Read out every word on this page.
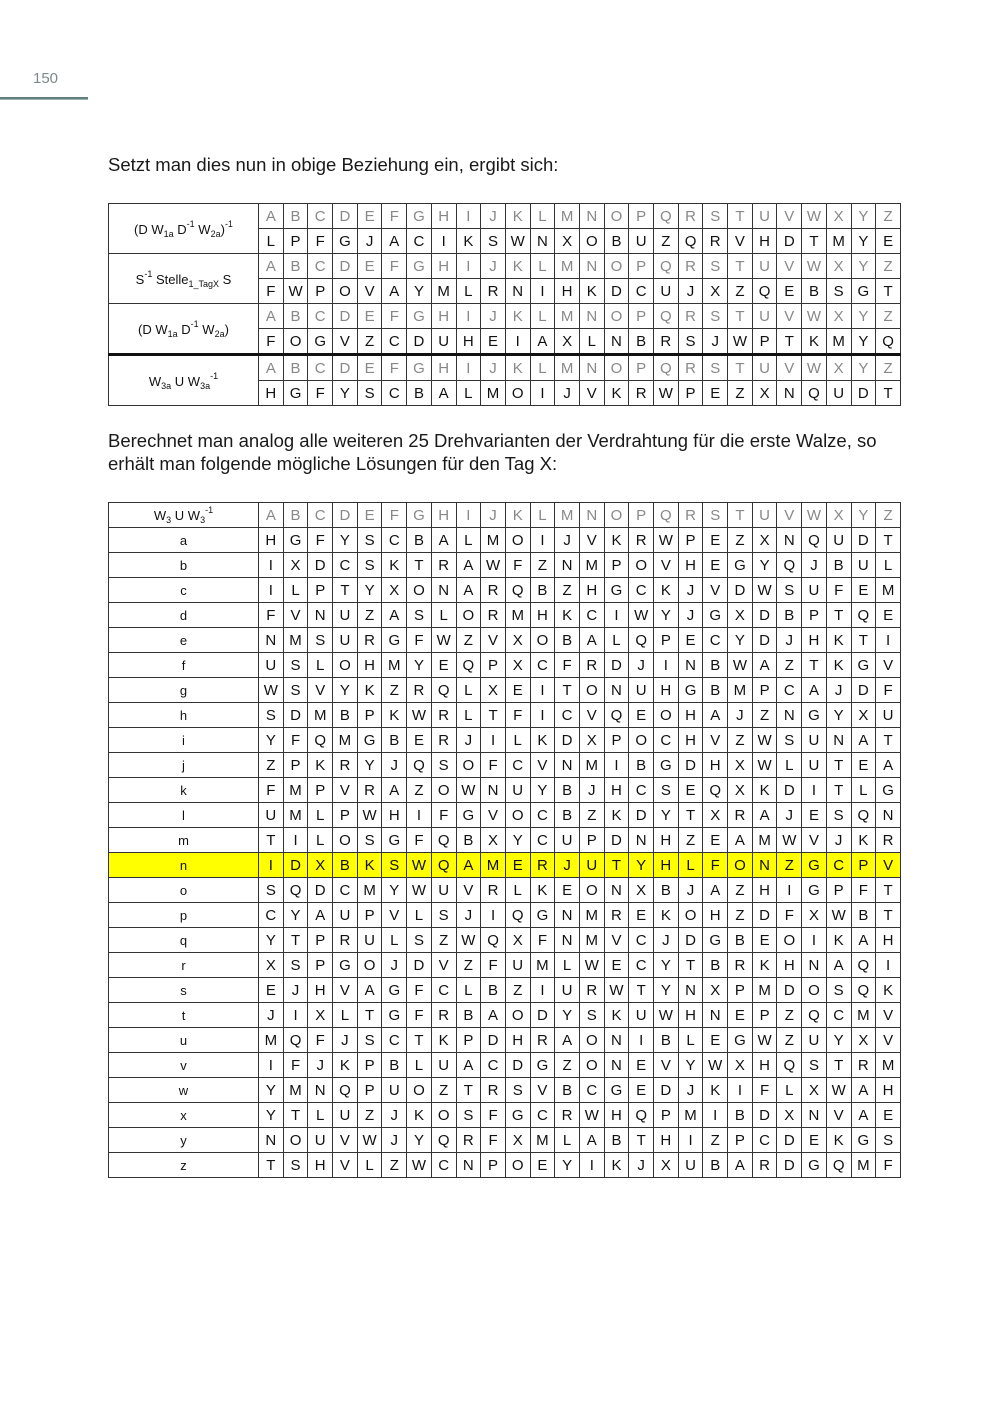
150
Setzt man dies nun in obige Beziehung ein, ergibt sich:
(D $W_{1a}$ $D^{-1}$ $W_{2a})^{-1}$	A	B	C	D	E	F	G	H	I	J	K	L	M	N	O	P	Q	R	S	T	U	V	W	X	Y	Z
	L	P	F	G	J	A	C	I	K	S	W	N	X	O	B	U	Z	Q	R	V	H	D	T	M	Y	E
$S^{-1}$ Stelle$_{1\_TagX}$ S	A	B	C	D	E	F	G	H	I	J	K	L	M	N	O	P	Q	R	S	T	U	V	W	X	Y	Z
	F	W	P	O	V	A	Y	M	L	R	N	I	H	K	D	C	U	J	X	Z	Q	E	B	S	G	T
(D $W_{1a}$ $D^{-1}$ $W_{2a}$)	A	B	C	D	E	F	G	H	I	J	K	L	M	N	O	P	Q	R	S	T	U	V	W	X	Y	Z
	F	O	G	V	Z	C	D	U	H	E	I	A	X	L	N	B	R	S	J	W	P	T	K	M	Y	Q
$W_{3a}$ U $W_{3a}^{-1}$	A	B	C	D	E	F	G	H	I	J	K	L	M	N	O	P	Q	R	S	T	U	V	W	X	Y	Z
	H	G	F	Y	S	C	B	A	L	M	O	I	J	V	K	R	W	P	E	Z	X	N	Q	U	D	T
Berechnet man analog alle weiteren 25 Drehvarianten der Verdrahtung für die erste Walze, so erhält man folgende mögliche Lösungen für den Tag X:
$W_3$ U $W_3^{-1}$	A	B	C	D	E	F	G	H	I	J	K	L	M	N	O	P	Q	R	S	T	U	V	W	X	Y	Z
a	H	G	F	Y	S	C	B	A	L	M	O	I	J	V	K	R	W	P	E	Z	X	N	Q	U	D	T
b	I	X	D	C	S	K	T	R	A	W	F	Z	N	M	P	O	V	H	E	G	Y	Q	J	B	U	L
c	I	L	P	T	Y	X	O	N	A	R	Q	B	Z	H	G	C	K	J	V	D	W	S	U	F	E	M
d	F	V	N	U	Z	A	S	L	O	R	M	H	K	C	I	W	Y	J	G	X	D	B	P	T	Q	E
e	N	M	S	U	R	G	F	W	Z	V	X	O	B	A	L	Q	P	E	C	Y	D	J	H	K	T	I
f	U	S	L	O	H	M	Y	E	Q	P	X	C	F	R	D	J	I	N	B	W	A	Z	T	K	G	V
g	W	S	V	Y	K	Z	R	Q	L	X	E	I	T	O	N	U	H	G	B	M	P	C	A	J	D	F
h	S	D	M	B	P	K	W	R	L	T	F	I	C	V	Q	E	O	H	A	J	Z	N	G	Y	X	U
i	Y	F	Q	M	G	B	E	R	J	I	L	K	D	X	P	O	C	H	V	Z	W	S	U	N	A	T
j	Z	P	K	R	Y	J	Q	S	O	F	C	V	N	M	I	B	G	D	H	X	W	L	U	T	E	A
k	F	M	P	V	R	A	Z	O	W	N	U	Y	B	J	H	C	S	E	Q	X	K	D	I	T	L	G
l	U	M	L	P	W	H	I	F	G	V	O	C	B	Z	K	D	Y	T	X	R	A	J	E	S	Q	N
m	T	I	L	O	S	G	F	Q	B	X	Y	C	U	P	D	N	H	Z	E	A	M	W	V	J	K	R
n	I	D	X	B	K	S	W	Q	A	M	E	R	J	U	T	Y	H	L	F	O	N	Z	G	C	P	V
o	S	Q	D	C	M	Y	W	U	V	R	L	K	E	O	N	X	B	J	A	Z	H	I	G	P	F	T
p	C	Y	A	U	P	V	L	S	J	I	Q	G	N	M	R	E	K	O	H	Z	D	F	X	W	B	T
q	Y	T	P	R	U	L	S	Z	W	Q	X	F	N	M	V	C	J	D	G	B	E	O	I	K	A	H
r	X	S	P	G	O	J	D	V	Z	F	U	M	L	W	E	C	Y	T	B	R	K	H	N	A	Q	I
s	E	J	H	V	A	G	F	C	L	B	Z	I	U	R	W	T	Y	N	X	P	M	D	O	S	Q	K
t	J	I	X	L	T	G	F	R	B	A	O	D	Y	S	K	U	W	H	N	E	P	Z	Q	C	M	V
u	M	Q	F	J	S	C	T	K	P	D	H	R	A	O	N	I	B	L	E	G	W	Z	U	Y	X	V
v	I	F	J	K	P	B	L	U	A	C	D	G	Z	O	N	E	V	Y	W	X	H	Q	S	T	R	M
w	Y	M	N	Q	P	U	O	Z	T	R	S	V	B	C	G	E	D	J	K	I	F	L	X	W	A	H
x	Y	T	L	U	Z	J	K	O	S	F	G	C	R	W	H	Q	P	M	I	B	D	X	N	V	A	E
y	N	O	U	V	W	J	Y	Q	R	F	X	M	L	A	B	T	H	I	Z	P	C	D	E	K	G	S
z	T	S	H	V	L	Z	W	C	N	P	O	E	Y	I	K	J	X	U	B	A	R	D	G	Q	M	F
